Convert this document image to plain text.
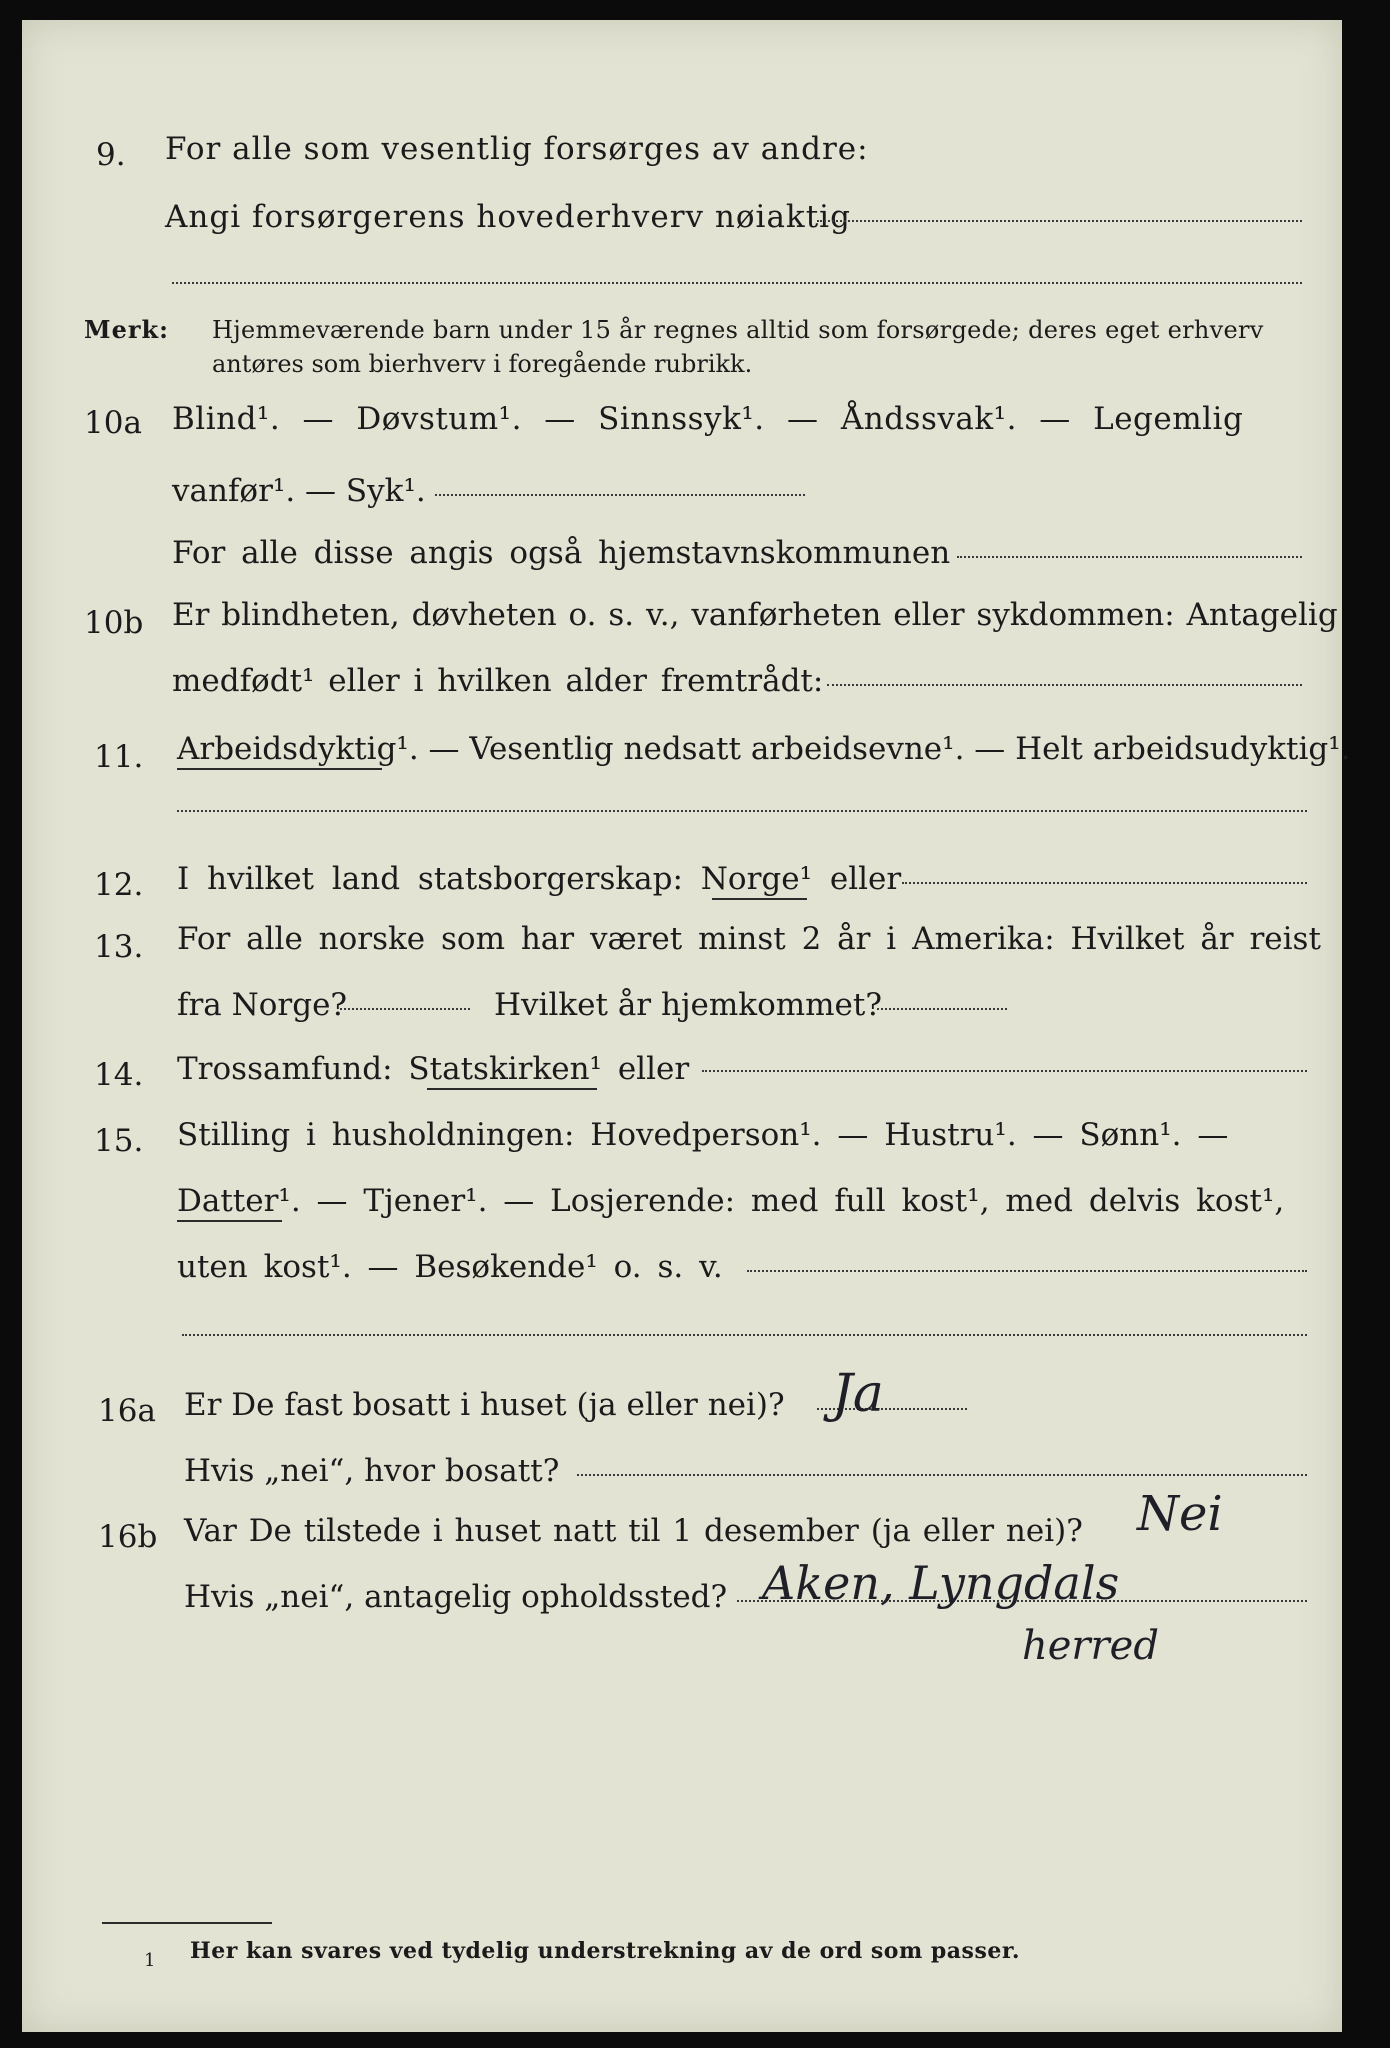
9. For alle som vesentlig forsørges av andre:
Angi forsørgerens hovederhverv nøiaktig
Merk: Hjemmeværende barn under 15 år regnes alltid som forsørgede; deres eget erhverv
antøres som bierhverv i foregående rubrikk.
10a Blind¹. — Døvstum¹. — Sinnssyk¹. — Åndssvak¹. — Legemlig
vanfør¹. — Syk¹.
For alle disse angis også hjemstavnskommunen
10b Er blindheten, døvheten o. s. v., vanførheten eller sykdommen: Antagelig
medfødt¹ eller i hvilken alder fremtrådt:
11. Arbeidsdyktig¹. — Vesentlig nedsatt arbeidsevne¹. — Helt arbeidsudyktig¹.
12. I hvilket land statsborgerskap: Norge¹ eller
13. For alle norske som har været minst 2 år i Amerika: Hvilket år reist
fra Norge?	Hvilket år hjemkommet?
14. Trossamfund: Statskirken¹ eller
15. Stilling i husholdningen: Hovedperson¹. — Hustru¹. — Sønn¹. —
Datter¹. — Tjener¹. — Losjerende: med full kost¹, med delvis kost¹,
uten kost¹. — Besøkende¹ o. s. v.
16a Er De fast bosatt i huset (ja eller nei)? Ja
Hvis „nei“, hvor bosatt?
16b Var De tilstede i huset natt til 1 desember (ja eller nei)? Nei
Hvis „nei“, antagelig opholdssted? Aken, Lyngdals
herred
1 Her kan svares ved tydelig understrekning av de ord som passer.
